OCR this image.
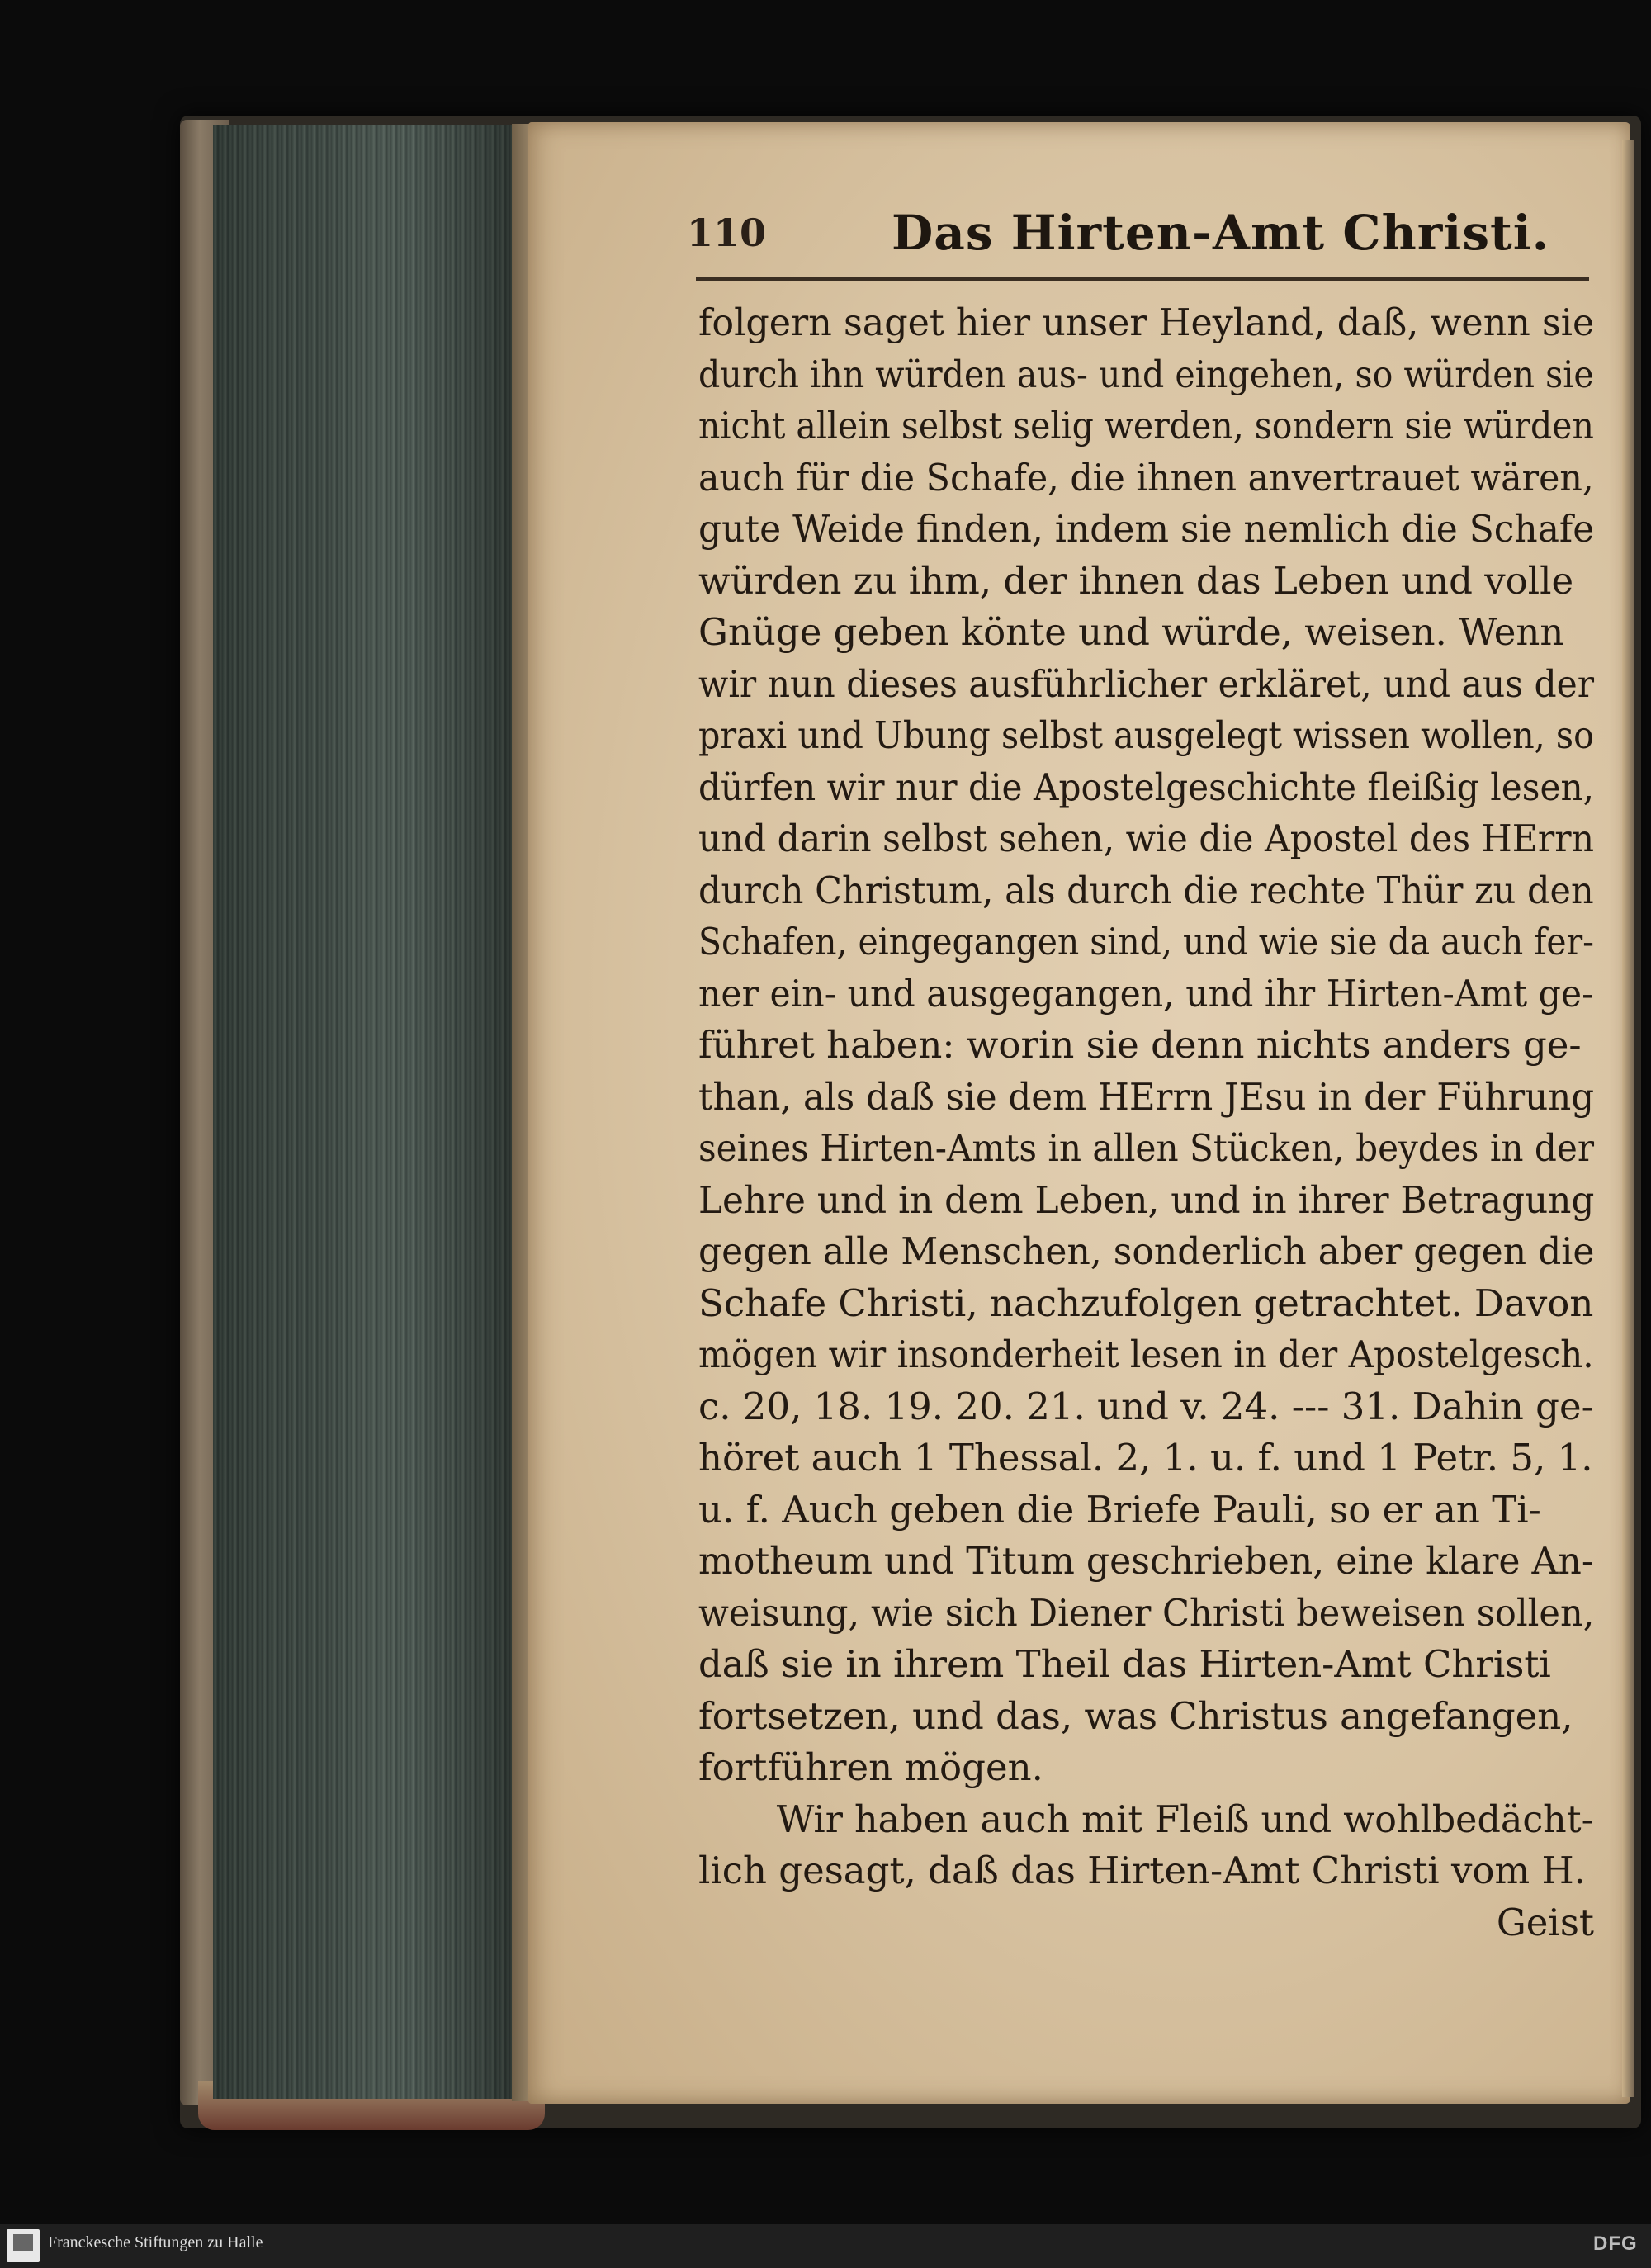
110	Das Hirten-Amt Christi.
folgern saget hier unser Heyland, daß, wenn sie
durch ihn würden aus- und eingehen, so würden sie
nicht allein selbst selig werden, sondern sie würden
auch für die Schafe, die ihnen anvertrauet wären,
gute Weide finden, indem sie nemlich die Schafe
würden zu ihm, der ihnen das Leben und volle
Gnüge geben könte und würde, weisen. Wenn
wir nun dieses ausführlicher erkläret, und aus der
praxi und Ubung selbst ausgelegt wissen wollen, so
dürfen wir nur die Apostelgeschichte fleißig lesen,
und darin selbst sehen, wie die Apostel des HErrn
durch Christum, als durch die rechte Thür zu den
Schafen, eingegangen sind, und wie sie da auch fer-
ner ein- und ausgegangen, und ihr Hirten-Amt ge-
führet haben: worin sie denn nichts anders ge-
than, als daß sie dem HErrn JEsu in der Führung
seines Hirten-Amts in allen Stücken, beydes in der
Lehre und in dem Leben, und in ihrer Betragung
gegen alle Menschen, sonderlich aber gegen die
Schafe Christi, nachzufolgen getrachtet. Davon
mögen wir insonderheit lesen in der Apostelgesch.
c. 20, 18. 19. 20. 21. und v. 24. --- 31. Dahin ge-
höret auch 1 Thessal. 2, 1. u. f. und 1 Petr. 5, 1.
u. f. Auch geben die Briefe Pauli, so er an Ti-
motheum und Titum geschrieben, eine klare An-
weisung, wie sich Diener Christi beweisen sollen,
daß sie in ihrem Theil das Hirten-Amt Christi
fortsetzen, und das, was Christus angefangen,
fortführen mögen.
Wir haben auch mit Fleiß und wohlbedächt-
lich gesagt, daß das Hirten-Amt Christi vom H.
Geist
Franckesche Stiftungen zu Halle	DFG
